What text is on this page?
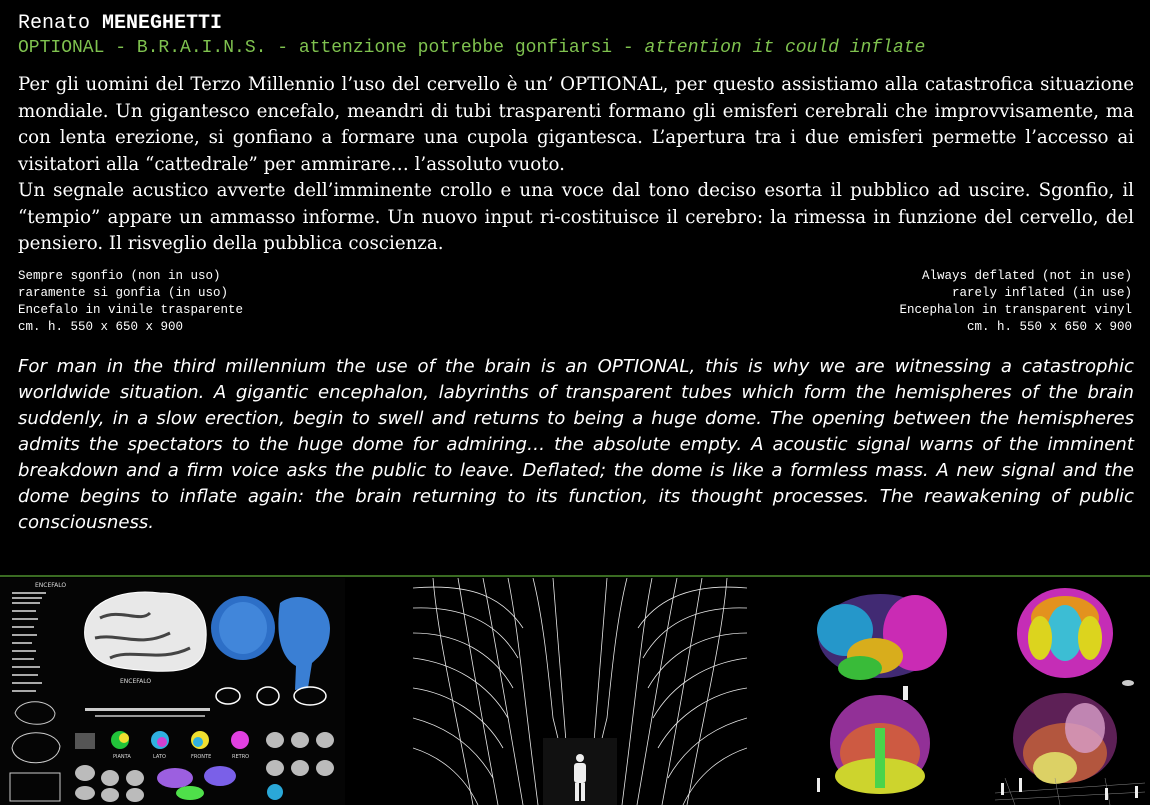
Renato MENEGHETTI
OPTIONAL - B.R.A.I.N.S. - attenzione potrebbe gonfiarsi - attention it could inflate

Per gli uomini del Terzo Millennio l’uso del cervello è un’ OPTIONAL, per questo assistiamo alla catastrofica situazione mondiale. Un gigantesco encefalo, meandri di tubi trasparenti formano gli emisferi cerebrali che improvvisamente, ma con lenta erezione, si gonfiano a formare una cupola gigantesca. L’apertura tra i due emisferi permette l’accesso ai visitatori alla “cattedrale” per ammirare… l’assoluto vuoto.

Un segnale acustico avverte dell’imminente crollo e una voce dal tono deciso esorta il pubblico ad uscire. Sgonfio, il “tempio” appare un ammasso informe. Un nuovo input ri-costituisce il cerebro: la rimessa in funzione del cervello, del pensiero. Il risveglio della pubblica coscienza.

Sempre sgonfio (non in uso)
raramente si gonfia (in uso)
Encefalo in vinile trasparente
cm. h. 550 x 650 x 900
Always deflated (not in use)
rarely inflated (in use)
Encephalon in transparent vinyl
cm. h. 550 x 650 x 900
For man in the third millennium the use of the brain is an OPTIONAL, this is why we are witnessing a catastrophic worldwide situation. A gigantic encephalon, labyrinths of transparent tubes which form the hemispheres of the brain suddenly, in a slow erection, begin to swell and returns to being a huge dome. The opening between the hemispheres admits the spectators to the huge dome for admiring… the absolute empty. A acoustic signal warns of the imminent breakdown and a firm voice asks the public to leave. Deflated; the dome is like a formless mass. A new signal and the dome begins to inflate again: the brain returning to its function, its thought processes. The reawakening of public consciousness.
ENCEFALO
ENCEFALO
PIANTA	LATO	FRONTE	RETRO
